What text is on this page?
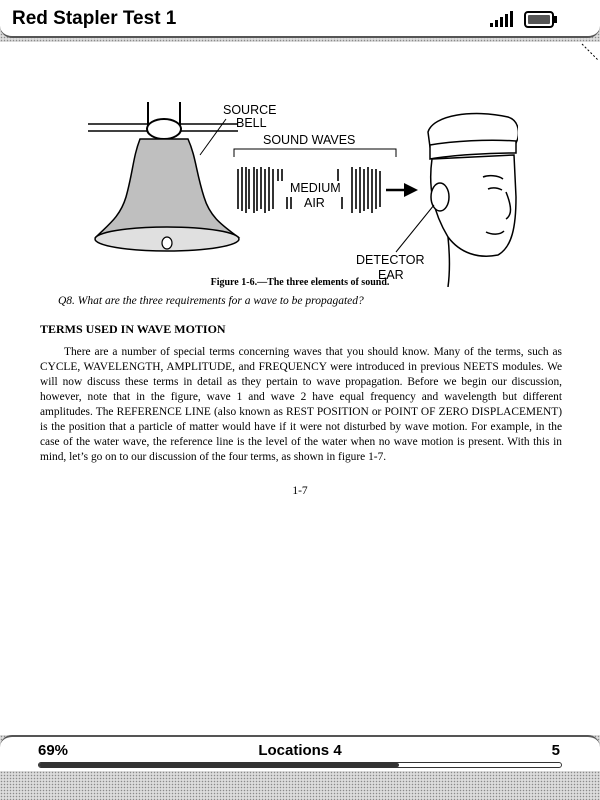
Red Stapler Test 1
SOURCE
BELL
SOUND WAVES
MEDIUM
AIR
DETECTOR
EAR
Figure 1-6.—The three elements of sound.
Q8. What are the three requirements for a wave to be propagated?
TERMS USED IN WAVE MOTION

There are a number of special terms concerning waves that you should know. Many of the terms, such as CYCLE, WAVELENGTH, AMPLITUDE, and FREQUENCY were introduced in previous NEETS modules. We will now discuss these terms in detail as they pertain to wave propagation. Before we begin our discussion, however, note that in the figure, wave 1 and wave 2 have equal frequency and wavelength but different amplitudes. The REFERENCE LINE (also known as REST POSITION or POINT OF ZERO DISPLACEMENT) is the position that a particle of matter would have if it were not disturbed by wave motion. For example, in the case of the water wave, the reference line is the level of the water when no wave motion is present. With this in mind, let’s go on to our discussion of the four terms, as shown in figure 1-7.

1-7
69%	Locations 4	5
